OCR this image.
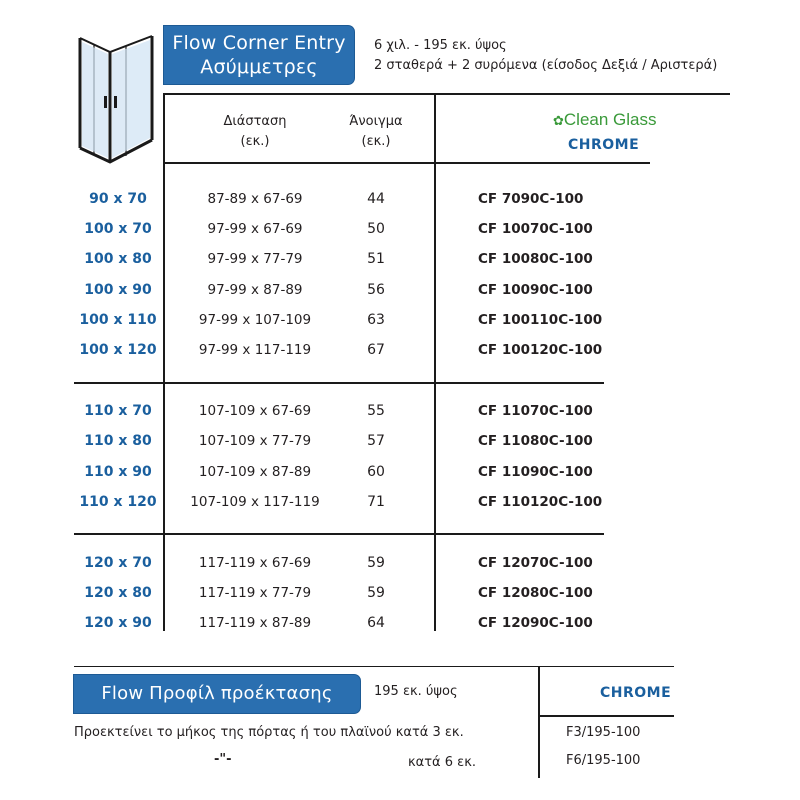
Flow Corner Entry
Ασύμμετρες
6 χιλ. - 195 εκ. ύψος
2 σταθερά + 2 συρόμενα (είσοδος Δεξιά / Αριστερά)
Διάσταση
(εκ.)
Άνοιγμα
(εκ.)
✿Clean Glass
CHROME
90 x 70	87-89 x 67-69	44	CF 7090C-100
100 x 70	97-99 x 67-69	50	CF 10070C-100
100 x 80	97-99 x 77-79	51	CF 10080C-100
100 x 90	97-99 x 87-89	56	CF 10090C-100
100 x 110	97-99 x 107-109	63	CF 100110C-100
100 x 120	97-99 x 117-119	67	CF 100120C-100
110 x 70	107-109 x 67-69	55	CF 11070C-100
110 x 80	107-109 x 77-79	57	CF 11080C-100
110 x 90	107-109 x 87-89	60	CF 11090C-100
110 x 120	107-109 x 117-119	71	CF 110120C-100
120 x 70	117-119 x 67-69	59	CF 12070C-100
120 x 80	117-119 x 77-79	59	CF 12080C-100
120 x 90	117-119 x 87-89	64	CF 12090C-100
Flow Προφίλ προέκτασης	195 εκ. ύψος	CHROME
Προεκτείνει το μήκος της πόρτας ή του πλαϊνού κατά 3 εκ.	F3/195-100
-"-	κατά 6 εκ.	F6/195-100
